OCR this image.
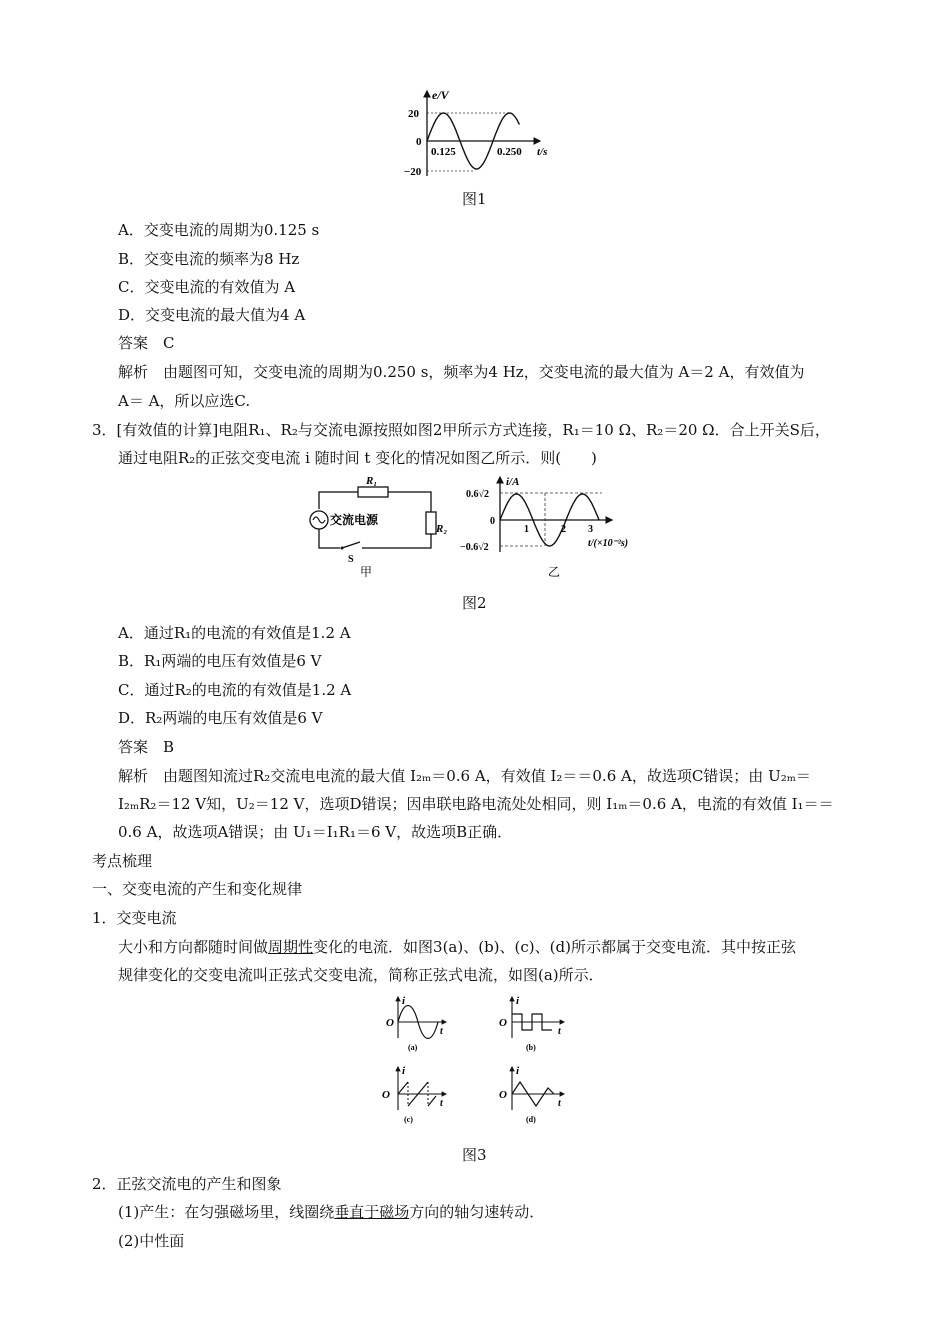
e/V
20
0
−20
0.125	0.250 t/s
图1
A．交变电流的周期为0.125 s
B．交变电流的频率为8 Hz
C．交变电流的有效值为 A
D．交变电流的最大值为4 A
答案　C
解析　由题图可知，交变电流的周期为0.250 s，频率为4 Hz，交变电流的最大值为 A＝2 A，有效值为
A＝ A，所以应选C.
3．[有效值的计算]电阻R₁、R₂与交流电源按照如图2甲所示方式连接，R₁＝10 Ω、R₂＝20 Ω．合上开关S后，
通过电阻R₂的正弦交变电流 i 随时间 t 变化的情况如图乙所示．则(　　)
R₁
R₂
交流电源
S
甲
i/A
0.6√2
0
−0.6√2
1	2 3
t/(×10⁻²s)
乙
图2
A．通过R₁的电流的有效值是1.2 A
B．R₁两端的电压有效值是6 V
C．通过R₂的电流的有效值是1.2 A
D．R₂两端的电压有效值是6 V
答案　B
解析　由题图知流过R₂交流电电流的最大值 I₂ₘ＝0.6 A，有效值 I₂＝＝0.6 A，故选项C错误；由 U₂ₘ＝
I₂ₘR₂＝12 V知，U₂＝12 V，选项D错误；因串联电路电流处处相同，则 I₁ₘ＝0.6 A，电流的有效值 I₁＝＝
0.6 A，故选项A错误；由 U₁＝I₁R₁＝6 V，故选项B正确．
考点梳理
一、交变电流的产生和变化规律
1．交变电流
大小和方向都随时间做周期性变化的电流．如图3(a)、(b)、(c)、(d)所示都属于交变电流．其中按正弦
规律变化的交变电流叫正弦式交变电流，简称正弦式电流，如图(a)所示．
i
O
t
(a)
i
O
t
(b)
i
O
t
(c)
i
O
t
(d)
图3
2．正弦交流电的产生和图象
(1)产生：在匀强磁场里，线圈绕垂直于磁场方向的轴匀速转动．
(2)中性面
